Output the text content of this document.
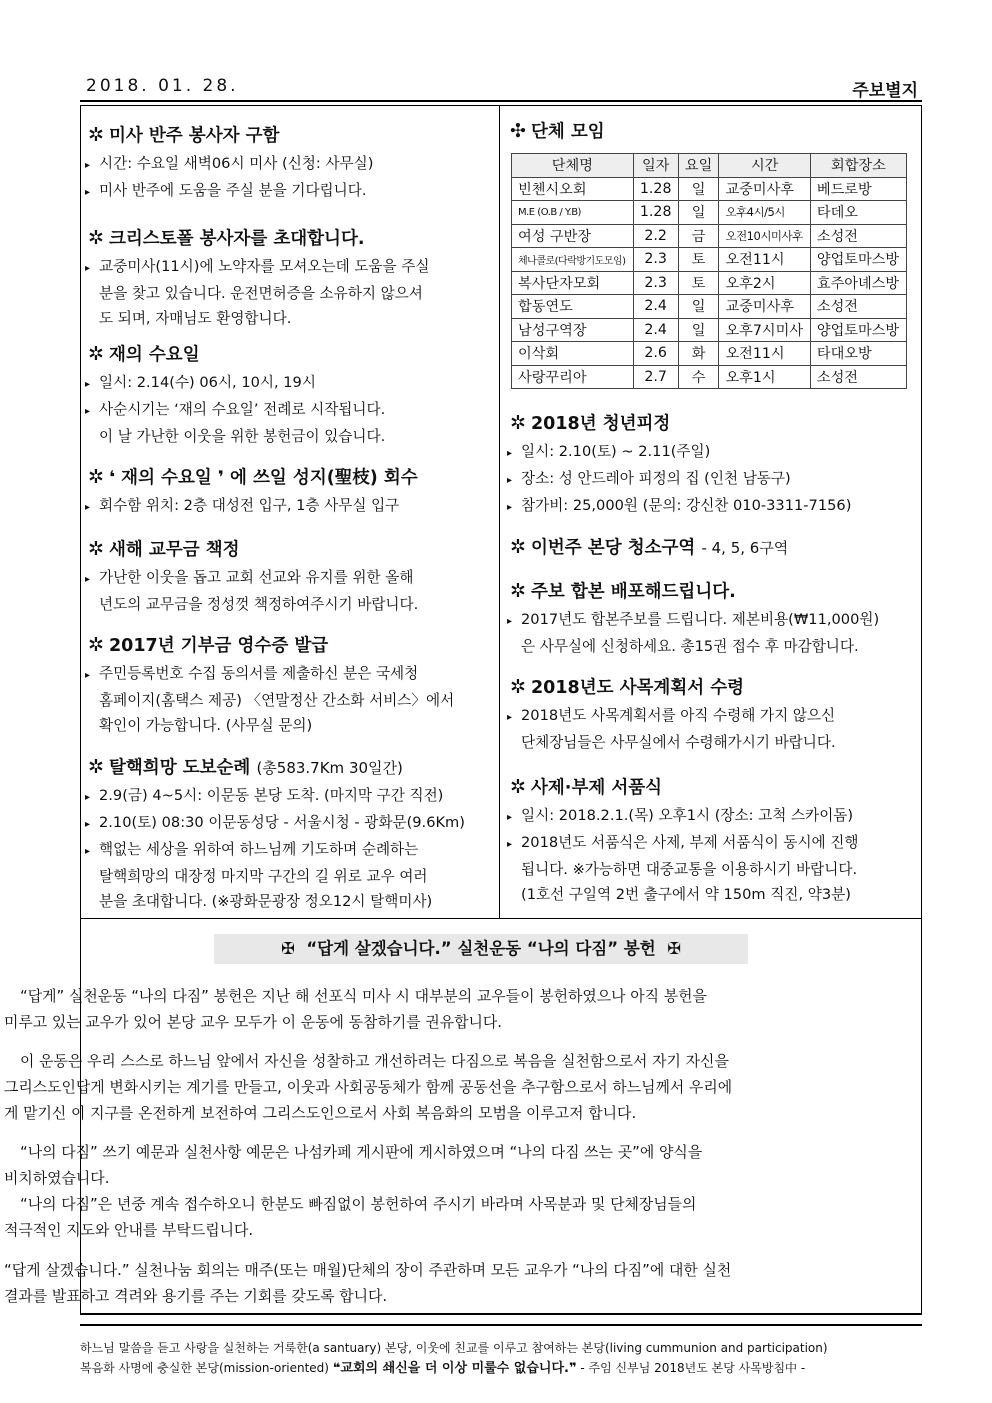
2018. 01. 28.	주보별지
✲ 미사 반주 봉사자 구함
▸ 시간: 수요일 새벽06시 미사 (신청: 사무실)
▸ 미사 반주에 도움을 주실 분을 기다립니다.
✲ 크리스토폴 봉사자를 초대합니다.
▸ 교중미사(11시)에 노약자를 모셔오는데 도움을 주실
분을 찾고 있습니다. 운전면허증을 소유하지 않으셔
도 되며, 자매님도 환영합니다.
✲ 재의 수요일
▸ 일시: 2.14(수) 06시, 10시, 19시
▸ 사순시기는 ‘재의 수요일’ 전례로 시작됩니다.
이 날 가난한 이웃을 위한 봉헌금이 있습니다.
✲ ❛ 재의 수요일 ❜ 에 쓰일 성지(聖枝) 회수
▸ 회수함 위치: 2층 대성전 입구, 1층 사무실 입구
✲ 새해 교무금 책정
▸ 가난한 이웃을 돕고 교회 선교와 유지를 위한 올해
년도의 교무금을 정성껏 책정하여주시기 바랍니다.
✲ 2017년 기부금 영수증 발급
▸ 주민등록번호 수집 동의서를 제출하신 분은 국세청
홈페이지(홈택스 제공) 〈연말정산 간소화 서비스〉에서
확인이 가능합니다. (사무실 문의)
✲ 탈핵희망 도보순례 (총583.7Km 30일간)
▸ 2.9(금) 4~5시: 이문동 본당 도착. (마지막 구간 직전)
▸ 2.10(토) 08:30 이문동성당 - 서울시청 - 광화문(9.6Km)
▸ 핵없는 세상을 위하여 하느님께 기도하며 순례하는
탈핵희망의 대장정 마지막 구간의 길 위로 교우 여러
분을 초대합니다. (※광화문광장 정오12시 탈핵미사)
✣ 단체 모임
단체명	일자	요일	시간	회합장소
빈첸시오회	1.28	일	교중미사후	베드로방
M.E (O.B / Y.B)	1.28	일	오후4시/5시	타데오
여성 구반장	2.2	금	오전10시미사후	소성전
체나콜로(다락방기도모임)	2.3	토	오전11시	양업토마스방
복사단자모회	2.3	토	오후2시	효주아녜스방
합동연도	2.4	일	교중미사후	소성전
남성구역장	2.4	일	오후7시미사	양업토마스방
이삭회	2.6	화	오전11시	타대오방
사랑꾸리아	2.7	수	오후1시	소성전
✲ 2018년 청년피정
▸ 일시: 2.10(토) ~ 2.11(주일)
▸ 장소: 성 안드레아 피정의 집 (인천 남동구)
▸ 참가비: 25,000원 (문의: 강신찬 010-3311-7156)
✲ 이번주 본당 청소구역 - 4, 5, 6구역
✲ 주보 합본 배포해드립니다.
▸ 2017년도 합본주보를 드립니다. 제본비용(₩11,000원)
은 사무실에 신청하세요. 총15권 접수 후 마감합니다.
✲ 2018년도 사목계획서 수령
▸ 2018년도 사목계획서를 아직 수령해 가지 않으신
단체장님들은 사무실에서 수령해가시기 바랍니다.
✲ 사제·부제 서품식
▸ 일시: 2018.2.1.(목) 오후1시 (장소: 고척 스카이돔)
▸ 2018년도 서품식은 사제, 부제 서품식이 동시에 진행
됩니다. ※가능하면 대중교통을 이용하시기 바랍니다.
(1호선 구일역 2번 출구에서 약 150m 직진, 약3분)
✠ “답게 살겠습니다.” 실천운동 “나의 다짐” 봉헌 ✠

“답게” 실천운동 “나의 다짐” 봉헌은 지난 해 선포식 미사 시 대부분의 교우들이 봉헌하였으나 아직 봉헌을

미루고 있는 교우가 있어 본당 교우 모두가 이 운동에 동참하기를 권유합니다.

이 운동은 우리 스스로 하느님 앞에서 자신을 성찰하고 개선하려는 다짐으로 복음을 실천함으로서 자기 자신을

그리스도인답게 변화시키는 계기를 만들고, 이웃과 사회공동체가 함께 공동선을 추구함으로서 하느님께서 우리에

게 맡기신 이 지구를 온전하게 보전하여 그리스도인으로서 사회 복음화의 모범을 이루고저 합니다.

“나의 다짐” 쓰기 예문과 실천사항 예문은 나섬카페 게시판에 게시하였으며 “나의 다짐 쓰는 곳”에 양식을

비치하였습니다.

“나의 다짐”은 년중 계속 접수하오니 한분도 빠짐없이 봉헌하여 주시기 바라며 사목분과 및 단체장님들의

적극적인 지도와 안내를 부탁드립니다.

“답게 살겠습니다.” 실천나눔 회의는 매주(또는 매월)단체의 장이 주관하며 모든 교우가 “나의 다짐”에 대한 실천

결과를 발표하고 격려와 용기를 주는 기회를 갖도록 합니다.

하느님 말씀을 듣고 사랑을 실천하는 거룩한(a santuary) 본당, 이웃에 친교를 이루고 참여하는 본당(living cummunion and participation)
복음화 사명에 충실한 본당(mission-oriented) ❝교회의 쇄신을 더 이상 미룰수 없습니다.❞ - 주임 신부님 2018년도 본당 사목방침中 -
